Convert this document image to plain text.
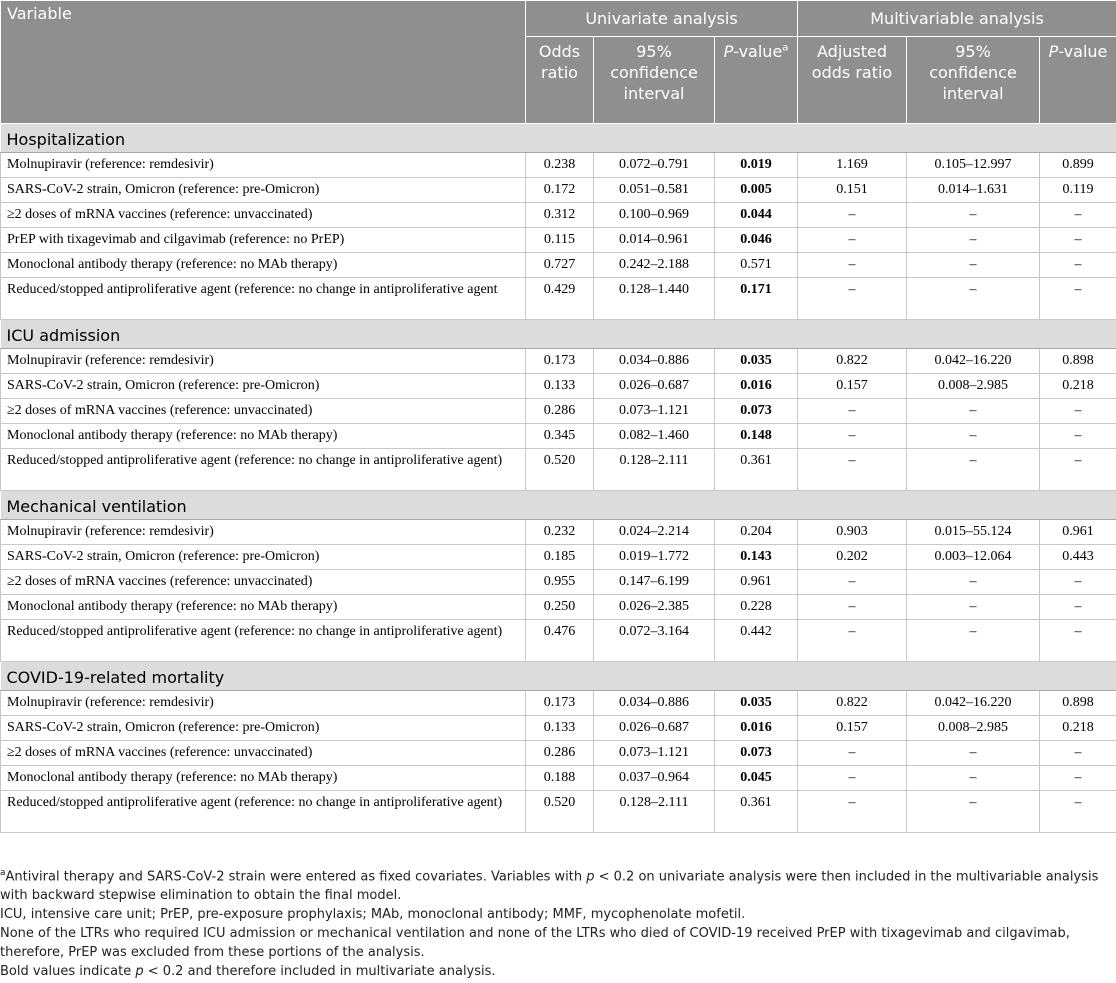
Variable	Univariate analysis			Multivariable analysis		
	Odds ratio	95% confidence interval	P-value$^a$	Adjusted odds ratio	95% confidence interval	P-value
Hospitalization						
Molnupiravir (reference: remdesivir)	0.238	0.072–0.791	0.019	1.169	0.105–12.997	0.899
SARS-CoV-2 strain, Omicron (reference: pre-Omicron)	0.172	0.051–0.581	0.005	0.151	0.014–1.631	0.119
≥2 doses of mRNA vaccines (reference: unvaccinated)	0.312	0.100–0.969	0.044	–	–	–
PrEP with tixagevimab and cilgavimab (reference: no PrEP)	0.115	0.014–0.961	0.046	–	–	–
Monoclonal antibody therapy (reference: no MAb therapy)	0.727	0.242–2.188	0.571	–	–	–
Reduced/stopped antiproliferative agent (reference: no change in antiproliferative agent	0.429	0.128–1.440	0.171	–	–	–
ICU admission						
Molnupiravir (reference: remdesivir)	0.173	0.034–0.886	0.035	0.822	0.042–16.220	0.898
SARS-CoV-2 strain, Omicron (reference: pre-Omicron)	0.133	0.026–0.687	0.016	0.157	0.008–2.985	0.218
≥2 doses of mRNA vaccines (reference: unvaccinated)	0.286	0.073–1.121	0.073	–	–	–
Monoclonal antibody therapy (reference: no MAb therapy)	0.345	0.082–1.460	0.148	–	–	–
Reduced/stopped antiproliferative agent (reference: no change in antiproliferative agent)	0.520	0.128–2.111	0.361	–	–	–
Mechanical ventilation						
Molnupiravir (reference: remdesivir)	0.232	0.024–2.214	0.204	0.903	0.015–55.124	0.961
SARS-CoV-2 strain, Omicron (reference: pre-Omicron)	0.185	0.019–1.772	0.143	0.202	0.003–12.064	0.443
≥2 doses of mRNA vaccines (reference: unvaccinated)	0.955	0.147–6.199	0.961	–	–	–
Monoclonal antibody therapy (reference: no MAb therapy)	0.250	0.026–2.385	0.228	–	–	–
Reduced/stopped antiproliferative agent (reference: no change in antiproliferative agent)	0.476	0.072–3.164	0.442	–	–	–
COVID-19-related mortality						
Molnupiravir (reference: remdesivir)	0.173	0.034–0.886	0.035	0.822	0.042–16.220	0.898
SARS-CoV-2 strain, Omicron (reference: pre-Omicron)	0.133	0.026–0.687	0.016	0.157	0.008–2.985	0.218
≥2 doses of mRNA vaccines (reference: unvaccinated)	0.286	0.073–1.121	0.073	–	–	–
Monoclonal antibody therapy (reference: no MAb therapy)	0.188	0.037–0.964	0.045	–	–	–
Reduced/stopped antiproliferative agent (reference: no change in antiproliferative agent)	0.520	0.128–2.111	0.361	–	–	–

$^a$Antiviral therapy and SARS-CoV-2 strain were entered as fixed covariates. Variables with p < 0.2 on univariate analysis were then included in the multivariable analysis with backward stepwise elimination to obtain the final model.

ICU, intensive care unit; PrEP, pre-exposure prophylaxis; MAb, monoclonal antibody; MMF, mycophenolate mofetil.

None of the LTRs who required ICU admission or mechanical ventilation and none of the LTRs who died of COVID-19 received PrEP with tixagevimab and cilgavimab, therefore, PrEP was excluded from these portions of the analysis.

Bold values indicate p < 0.2 and therefore included in multivariate analysis.
